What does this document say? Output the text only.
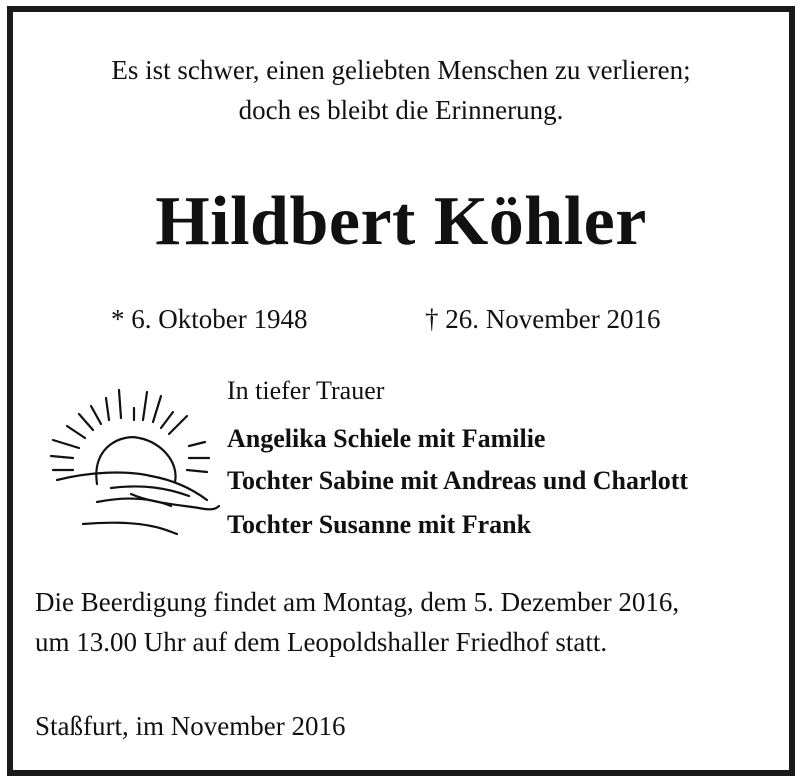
Es ist schwer, einen geliebten Menschen zu verlieren;
doch es bleibt die Erinnerung.
Hildbert Köhler
* 6. Oktober 1948	† 26. November 2016
In tiefer Trauer
Angelika Schiele mit Familie
Tochter Sabine mit Andreas und Charlott
Tochter Susanne mit Frank
Die Beerdigung findet am Montag, dem 5. Dezember 2016,
um 13.00 Uhr auf dem Leopoldshaller Friedhof statt.
Staßfurt, im November 2016
